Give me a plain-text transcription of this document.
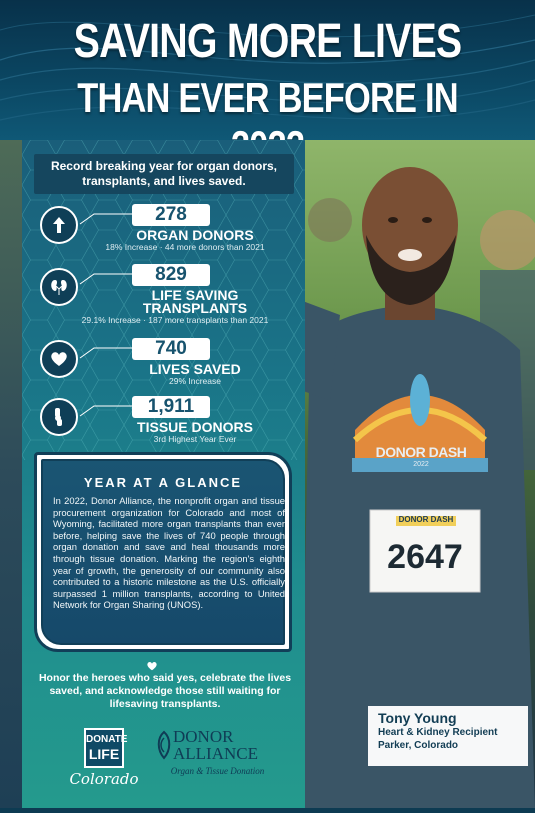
SAVING MORE LIVES
THAN EVER BEFORE IN
DONOR DASH
2022
DONOR DASH
2647
Record breaking year for organ donors,
transplants, and lives saved.
278
ORGAN DONORS
18% Increase · 44 more donors than 2021
829
LIFE SAVING
TRANSPLANTS
29.1% Increase · 187 more transplants than 2021
740
LIVES SAVED
29% Increase
1,911
TISSUE DONORS
3rd Highest Year Ever
YEAR AT A GLANCE
In 2022, Donor Alliance, the nonprofit organ and tissue procurement organization for Colorado and most of Wyoming, facilitated more organ transplants than ever before, helping save the lives of 740 people through organ donation and save and heal thousands more through tissue donation. Marking the region's eighth year of growth, the generosity of our community also contributed to a historic milestone as the U.S. officially surpassed 1 million transplants, according to United Network for Organ Sharing (UNOS).
Honor the heroes who said yes, celebrate the lives saved, and acknowledge those still waiting for lifesaving transplants.
DONATE
LIFE
Colorado
DONOR
ALLIANCE
Organ & Tissue Donation
Tony Young
Heart & Kidney Recipient
Parker, Colorado
